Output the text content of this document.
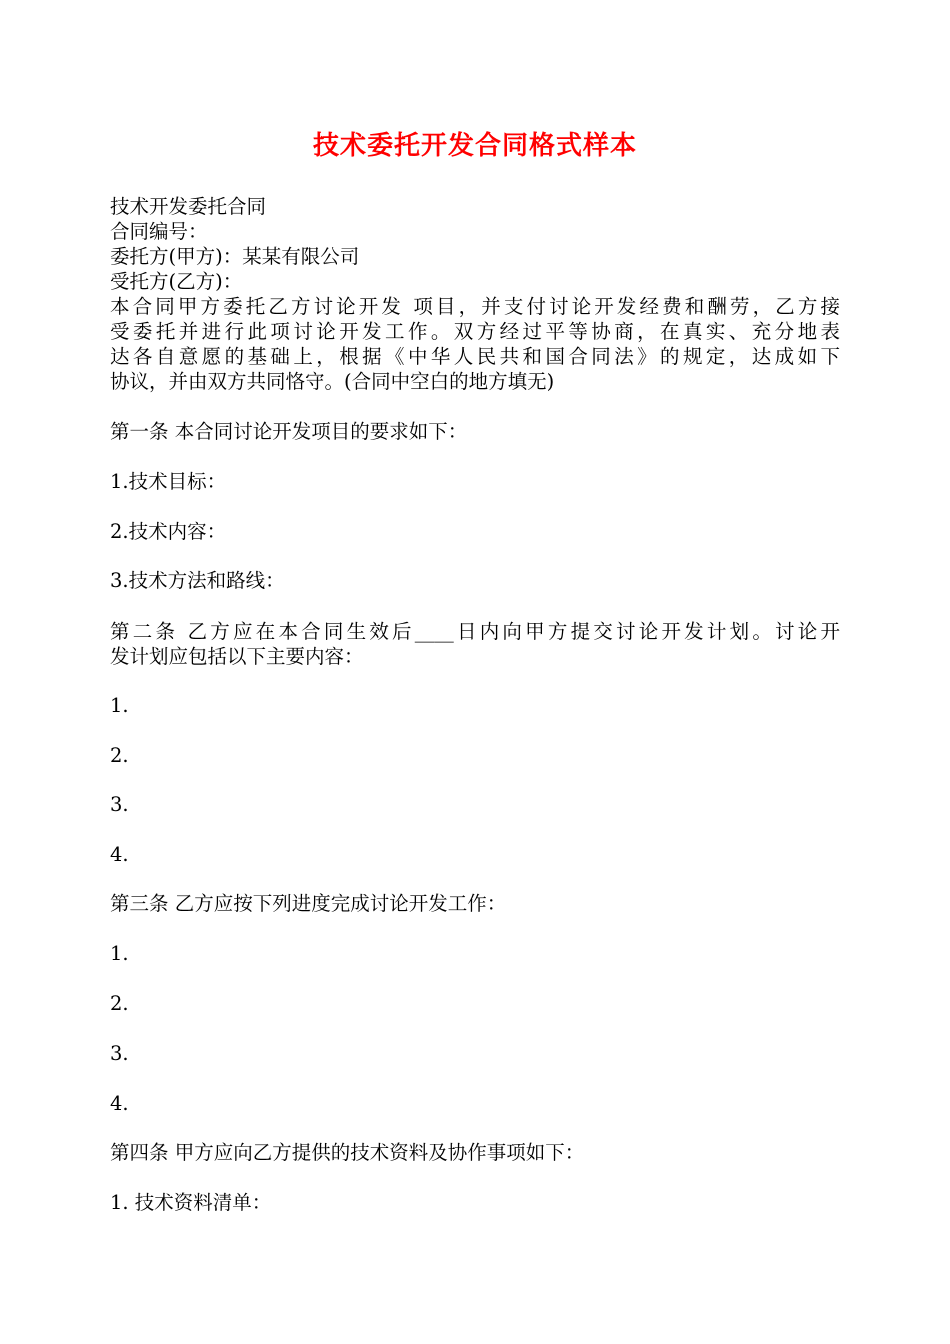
技术委托开发合同格式样本
技术开发委托合同
合同编号：
委托方(甲方)：某某有限公司
受托方(乙方)：
本合同甲方委托乙方讨论开发 项目，并支付讨论开发经费和酬劳，乙方接
受委托并进行此项讨论开发工作。双方经过平等协商，在真实、充分地表
达各自意愿的基础上，根据《中华人民共和国合同法》的规定，达成如下
协议，并由双方共同恪守。(合同中空白的地方填无)
第一条 本合同讨论开发项目的要求如下：
1.技术目标：
2.技术内容：
3.技术方法和路线：
第二条 乙方应在本合同生效后____日内向甲方提交讨论开发计划。讨论开
发计划应包括以下主要内容：
1.
2.
3.
4.
第三条 乙方应按下列进度完成讨论开发工作：
1.
2.
3.
4.
第四条 甲方应向乙方提供的技术资料及协作事项如下：
1. 技术资料清单：
